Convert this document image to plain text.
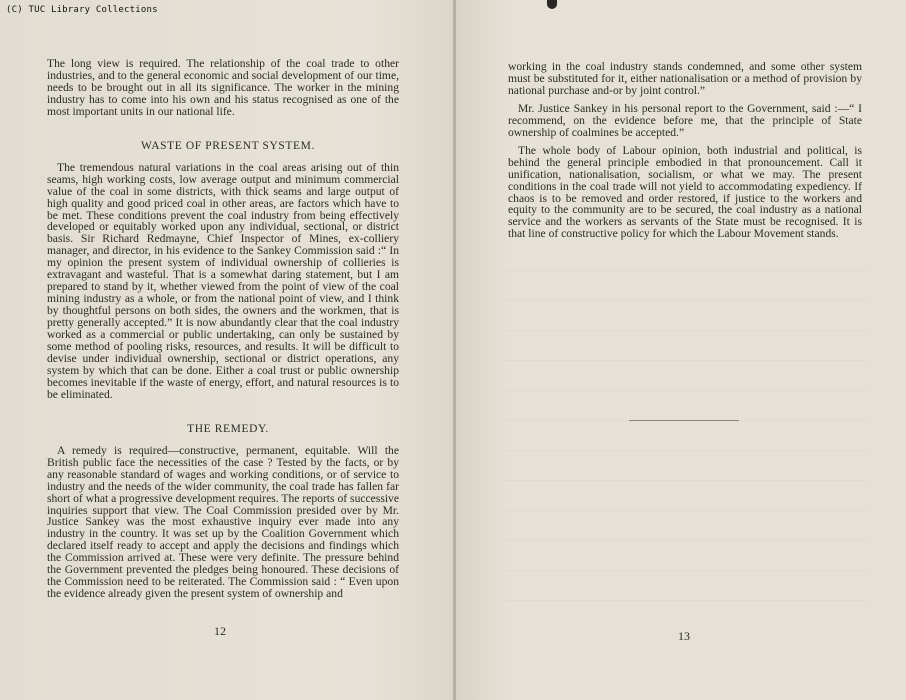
(C) TUC Library Collections

The long view is required. The relationship of the coal trade to other industries, and to the general economic and social development of our time, needs to be brought out in all its significance. The worker in the mining industry has to come into his own and his status recognised as one of the most important units in our national life.

WASTE OF PRESENT SYSTEM.

The tremendous natural variations in the coal areas arising out of thin seams, high working costs, low average output and minimum commercial value of the coal in some districts, with thick seams and large output of high quality and good priced coal in other areas, are factors which have to be met. These conditions prevent the coal industry from being effectively developed or equitably worked upon any individual, sectional, or district basis. Sir Richard Redmayne, Chief Inspector of Mines, ex-colliery manager, and director, in his evidence to the Sankey Commission said :“ In my opinion the present system of individual ownership of collieries is extravagant and wasteful. That is a somewhat daring statement, but I am prepared to stand by it, whether viewed from the point of view of the coal mining industry as a whole, or from the national point of view, and I think by thoughtful persons on both sides, the owners and the workmen, that is pretty generally accepted.” It is now abundantly clear that the coal industry worked as a commercial or public undertaking, can only be sustained by some method of pooling risks, resources, and results. It will be difficult to devise under individual ownership, sectional or district operations, any system by which that can be done. Either a coal trust or public ownership becomes inevitable if the waste of energy, effort, and natural resources is to be eliminated.

THE REMEDY.

A remedy is required—constructive, permanent, equitable. Will the British public face the necessities of the case ? Tested by the facts, or by any reasonable standard of wages and working conditions, or of service to industry and the needs of the wider community, the coal trade has fallen far short of what a progressive development requires. The reports of successive inquiries support that view. The Coal Commission presided over by Mr. Justice Sankey was the most exhaustive inquiry ever made into any industry in the country. It was set up by the Coalition Government which declared itself ready to accept and apply the decisions and findings which the Commission arrived at. These were very definite. The pressure behind the Government prevented the pledges being honoured. These decisions of the Commission need to be reiterated. The Commission said : “ Even upon the evidence already given the present system of ownership and

12

working in the coal industry stands condemned, and some other system must be substituted for it, either nationalisation or a method of provision by national purchase and-or by joint control.”

Mr. Justice Sankey in his personal report to the Government, said :—“ I recommend, on the evidence before me, that the principle of State ownership of coalmines be accepted.”

The whole body of Labour opinion, both industrial and political, is behind the general principle embodied in that pronouncement. Call it unification, nationalisation, socialism, or what we may. The present conditions in the coal trade will not yield to accommodating expediency. If chaos is to be removed and order restored, if justice to the workers and equity to the community are to be secured, the coal industry as a national service and the workers as servants of the State must be recognised. It is that line of constructive policy for which the Labour Movement stands.

13
